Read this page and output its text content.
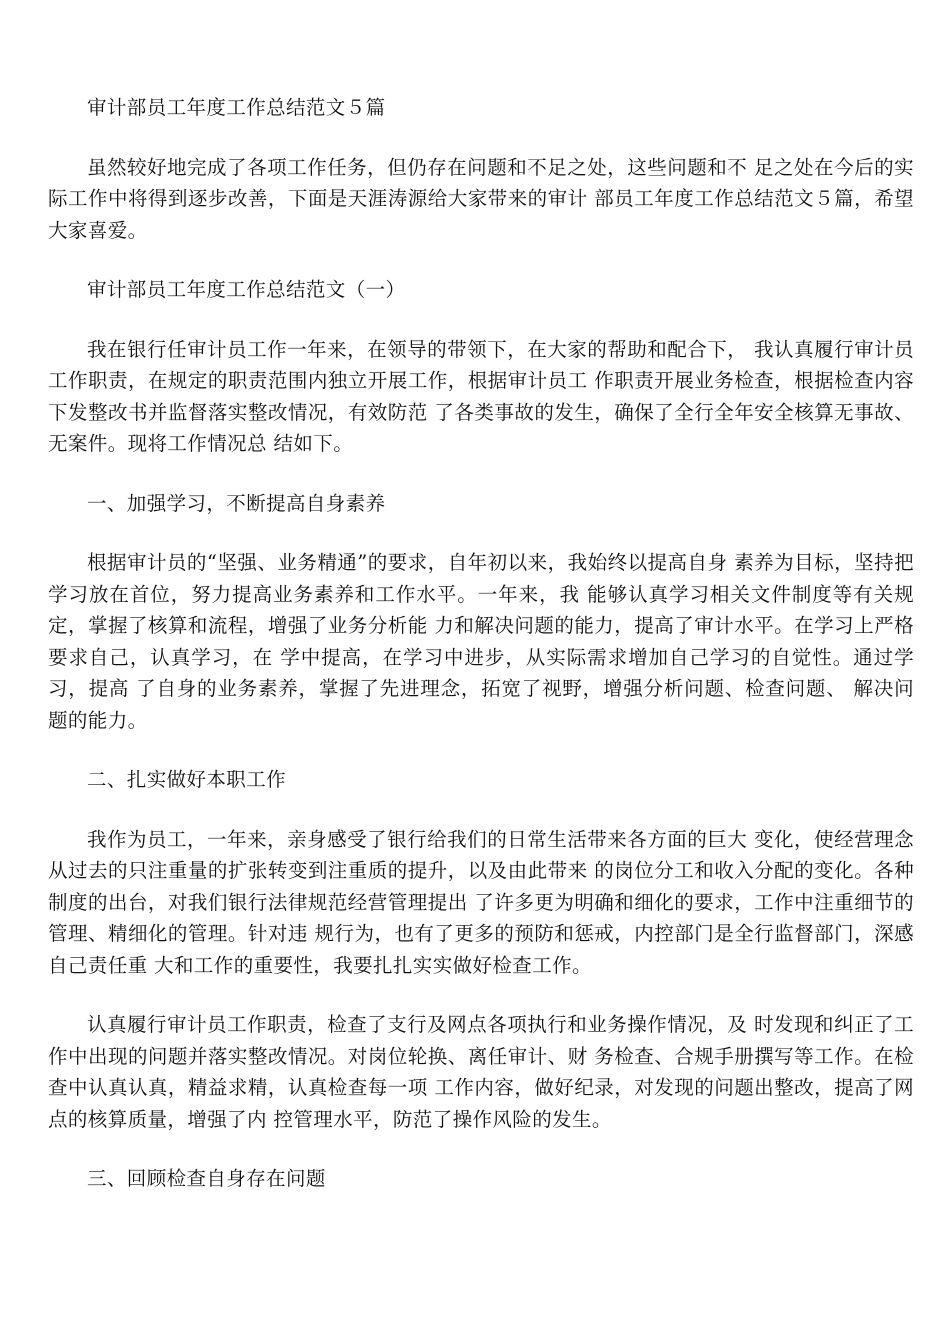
审计部员工年度工作总结范文５篇

虽然较好地完成了各项工作任务，但仍存在问题和不足之处，这些问题和不 足之处在今后的实际工作中将得到逐步改善，下面是天涯涛源给大家带来的审计 部员工年度工作总结范文５篇，希望大家喜爱。

审计部员工年度工作总结范文（一）

我在银行任审计员工作一年来，在领导的带领下，在大家的帮助和配合下， 我认真履行审计员工作职责，在规定的职责范围内独立开展工作，根据审计员工 作职责开展业务检查，根据检查内容下发整改书并监督落实整改情况，有效防范 了各类事故的发生，确保了全行全年安全核算无事故、无案件。现将工作情况总 结如下。

一、加强学习，不断提高自身素养

根据审计员的“坚强、业务精通”的要求，自年初以来，我始终以提高自身 素养为目标，坚持把学习放在首位，努力提高业务素养和工作水平。一年来，我 能够认真学习相关文件制度等有关规定，掌握了核算和流程，增强了业务分析能 力和解决问题的能力，提高了审计水平。在学习上严格要求自己，认真学习，在 学中提高，在学习中进步，从实际需求增加自己学习的自觉性。通过学习，提高 了自身的业务素养，掌握了先进理念，拓宽了视野，增强分析问题、检查问题、 解决问题的能力。

二、扎实做好本职工作

我作为员工，一年来，亲身感受了银行给我们的日常生活带来各方面的巨大 变化，使经营理念从过去的只注重量的扩张转变到注重质的提升，以及由此带来 的岗位分工和收入分配的变化。各种制度的出台，对我们银行法律规范经营管理提出 了许多更为明确和细化的要求，工作中注重细节的管理、精细化的管理。针对违 规行为，也有了更多的预防和惩戒，内控部门是全行监督部门，深感自己责任重 大和工作的重要性，我要扎扎实实做好检查工作。

认真履行审计员工作职责，检查了支行及网点各项执行和业务操作情况，及 时发现和纠正了工作中出现的问题并落实整改情况。对岗位轮换、离任审计、财 务检查、合规手册撰写等工作。在检查中认真认真，精益求精，认真检查每一项 工作内容，做好纪录，对发现的问题出整改，提高了网点的核算质量，增强了内 控管理水平，防范了操作风险的发生。

三、回顾检查自身存在问题
